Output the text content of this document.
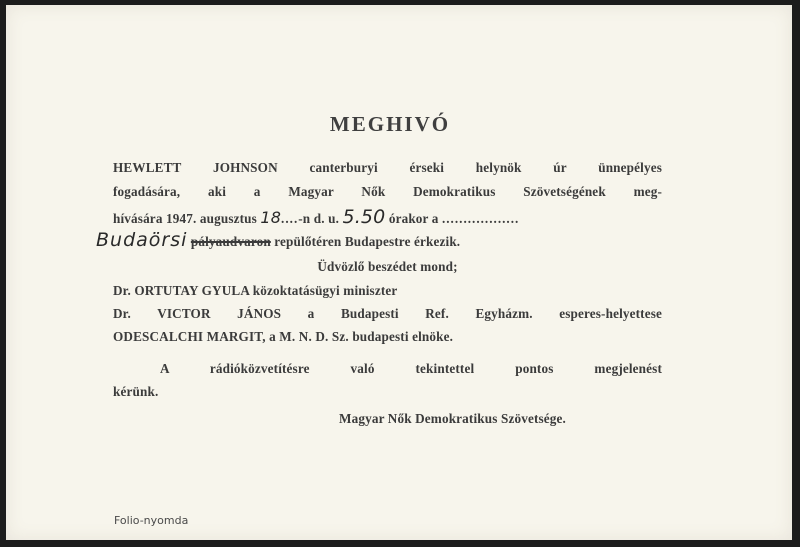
MEGHIVÓ
HEWLETT JOHNSON canterburyi érseki helynök úr ünnepélyes
fogadására, aki a Magyar Nők Demokratikus Szövetségének meg-
hívására 1947. augusztus 18....-n d. u. 5.50 órakor a ..................
Budaörsi pályaudvaron repülőtéren Budapestre érkezik.
Üdvözlő beszédet mond;
Dr. ORTUTAY GYULA közoktatásügyi miniszter
Dr. VICTOR JÁNOS a Budapesti Ref. Egyházm. esperes-helyettese
ODESCALCHI MARGIT, a M. N. D. Sz. budapesti elnöke.
A rádióközvetítésre való tekintettel pontos megjelenést
kérünk.
Magyar Nők Demokratikus Szövetsége.
Folio-nyomda
